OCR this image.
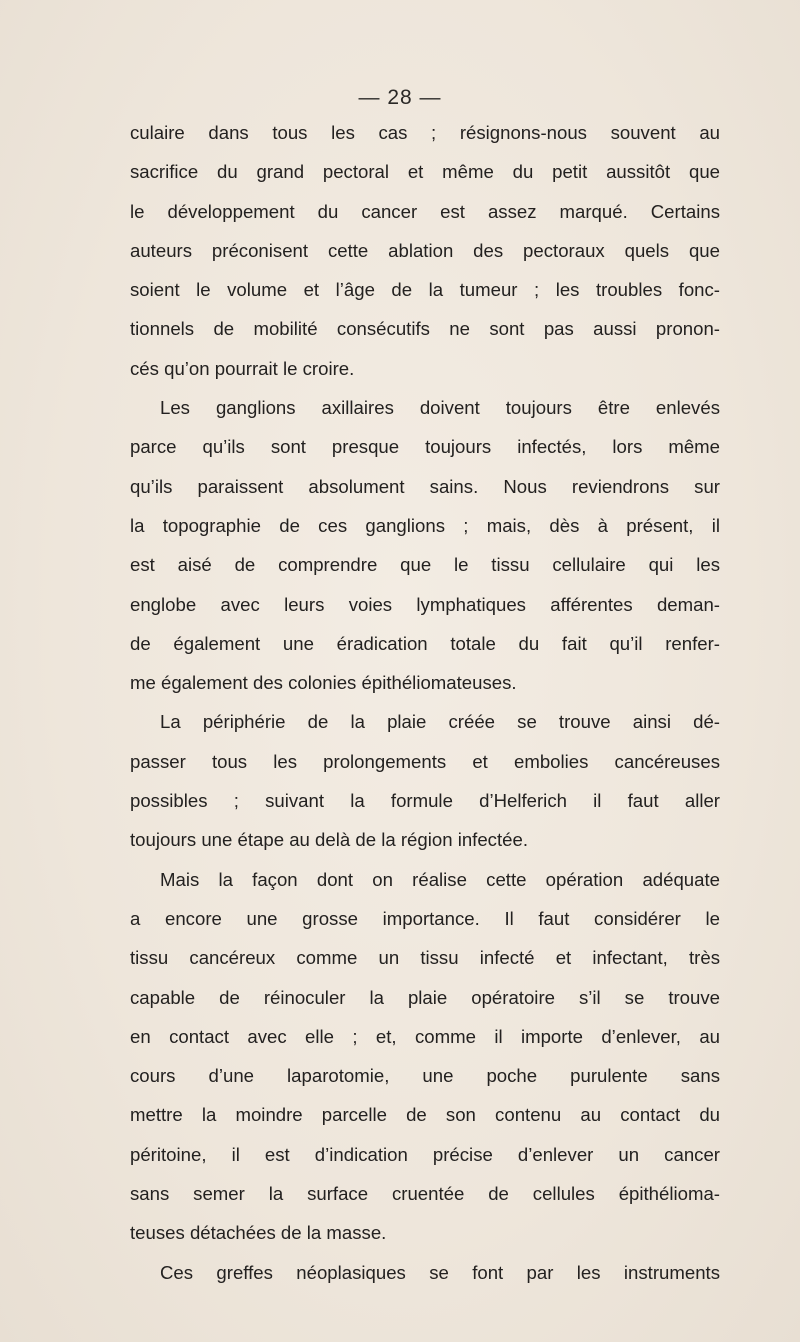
— 28 —
culaire dans tous les cas ; résignons-nous souvent au
sacrifice du grand pectoral et même du petit aussitôt que
le développement du cancer est assez marqué. Certains
auteurs préconisent cette ablation des pectoraux quels que
soient le volume et l’âge de la tumeur ; les troubles fonc-
tionnels de mobilité consécutifs ne sont pas aussi pronon-
cés qu’on pourrait le croire.
Les ganglions axillaires doivent toujours être enlevés
parce qu’ils sont presque toujours infectés, lors même
qu’ils paraissent absolument sains. Nous reviendrons sur
la topographie de ces ganglions ; mais, dès à présent, il
est aisé de comprendre que le tissu cellulaire qui les
englobe avec leurs voies lymphatiques afférentes deman-
de également une éradication totale du fait qu’il renfer-
me également des colonies épithéliomateuses.
La périphérie de la plaie créée se trouve ainsi dé-
passer tous les prolongements et embolies cancéreuses
possibles ; suivant la formule d’Helferich il faut aller
toujours une étape au delà de la région infectée.
Mais la façon dont on réalise cette opération adéquate
a encore une grosse importance. Il faut considérer le
tissu cancéreux comme un tissu infecté et infectant, très
capable de réinoculer la plaie opératoire s’il se trouve
en contact avec elle ; et, comme il importe d’enlever, au
cours d’une laparotomie, une poche purulente sans
mettre la moindre parcelle de son contenu au contact du
péritoine, il est d’indication précise d’enlever un cancer
sans semer la surface cruentée de cellules épithélioma-
teuses détachées de la masse.
Ces greffes néoplasiques se font par les instruments
